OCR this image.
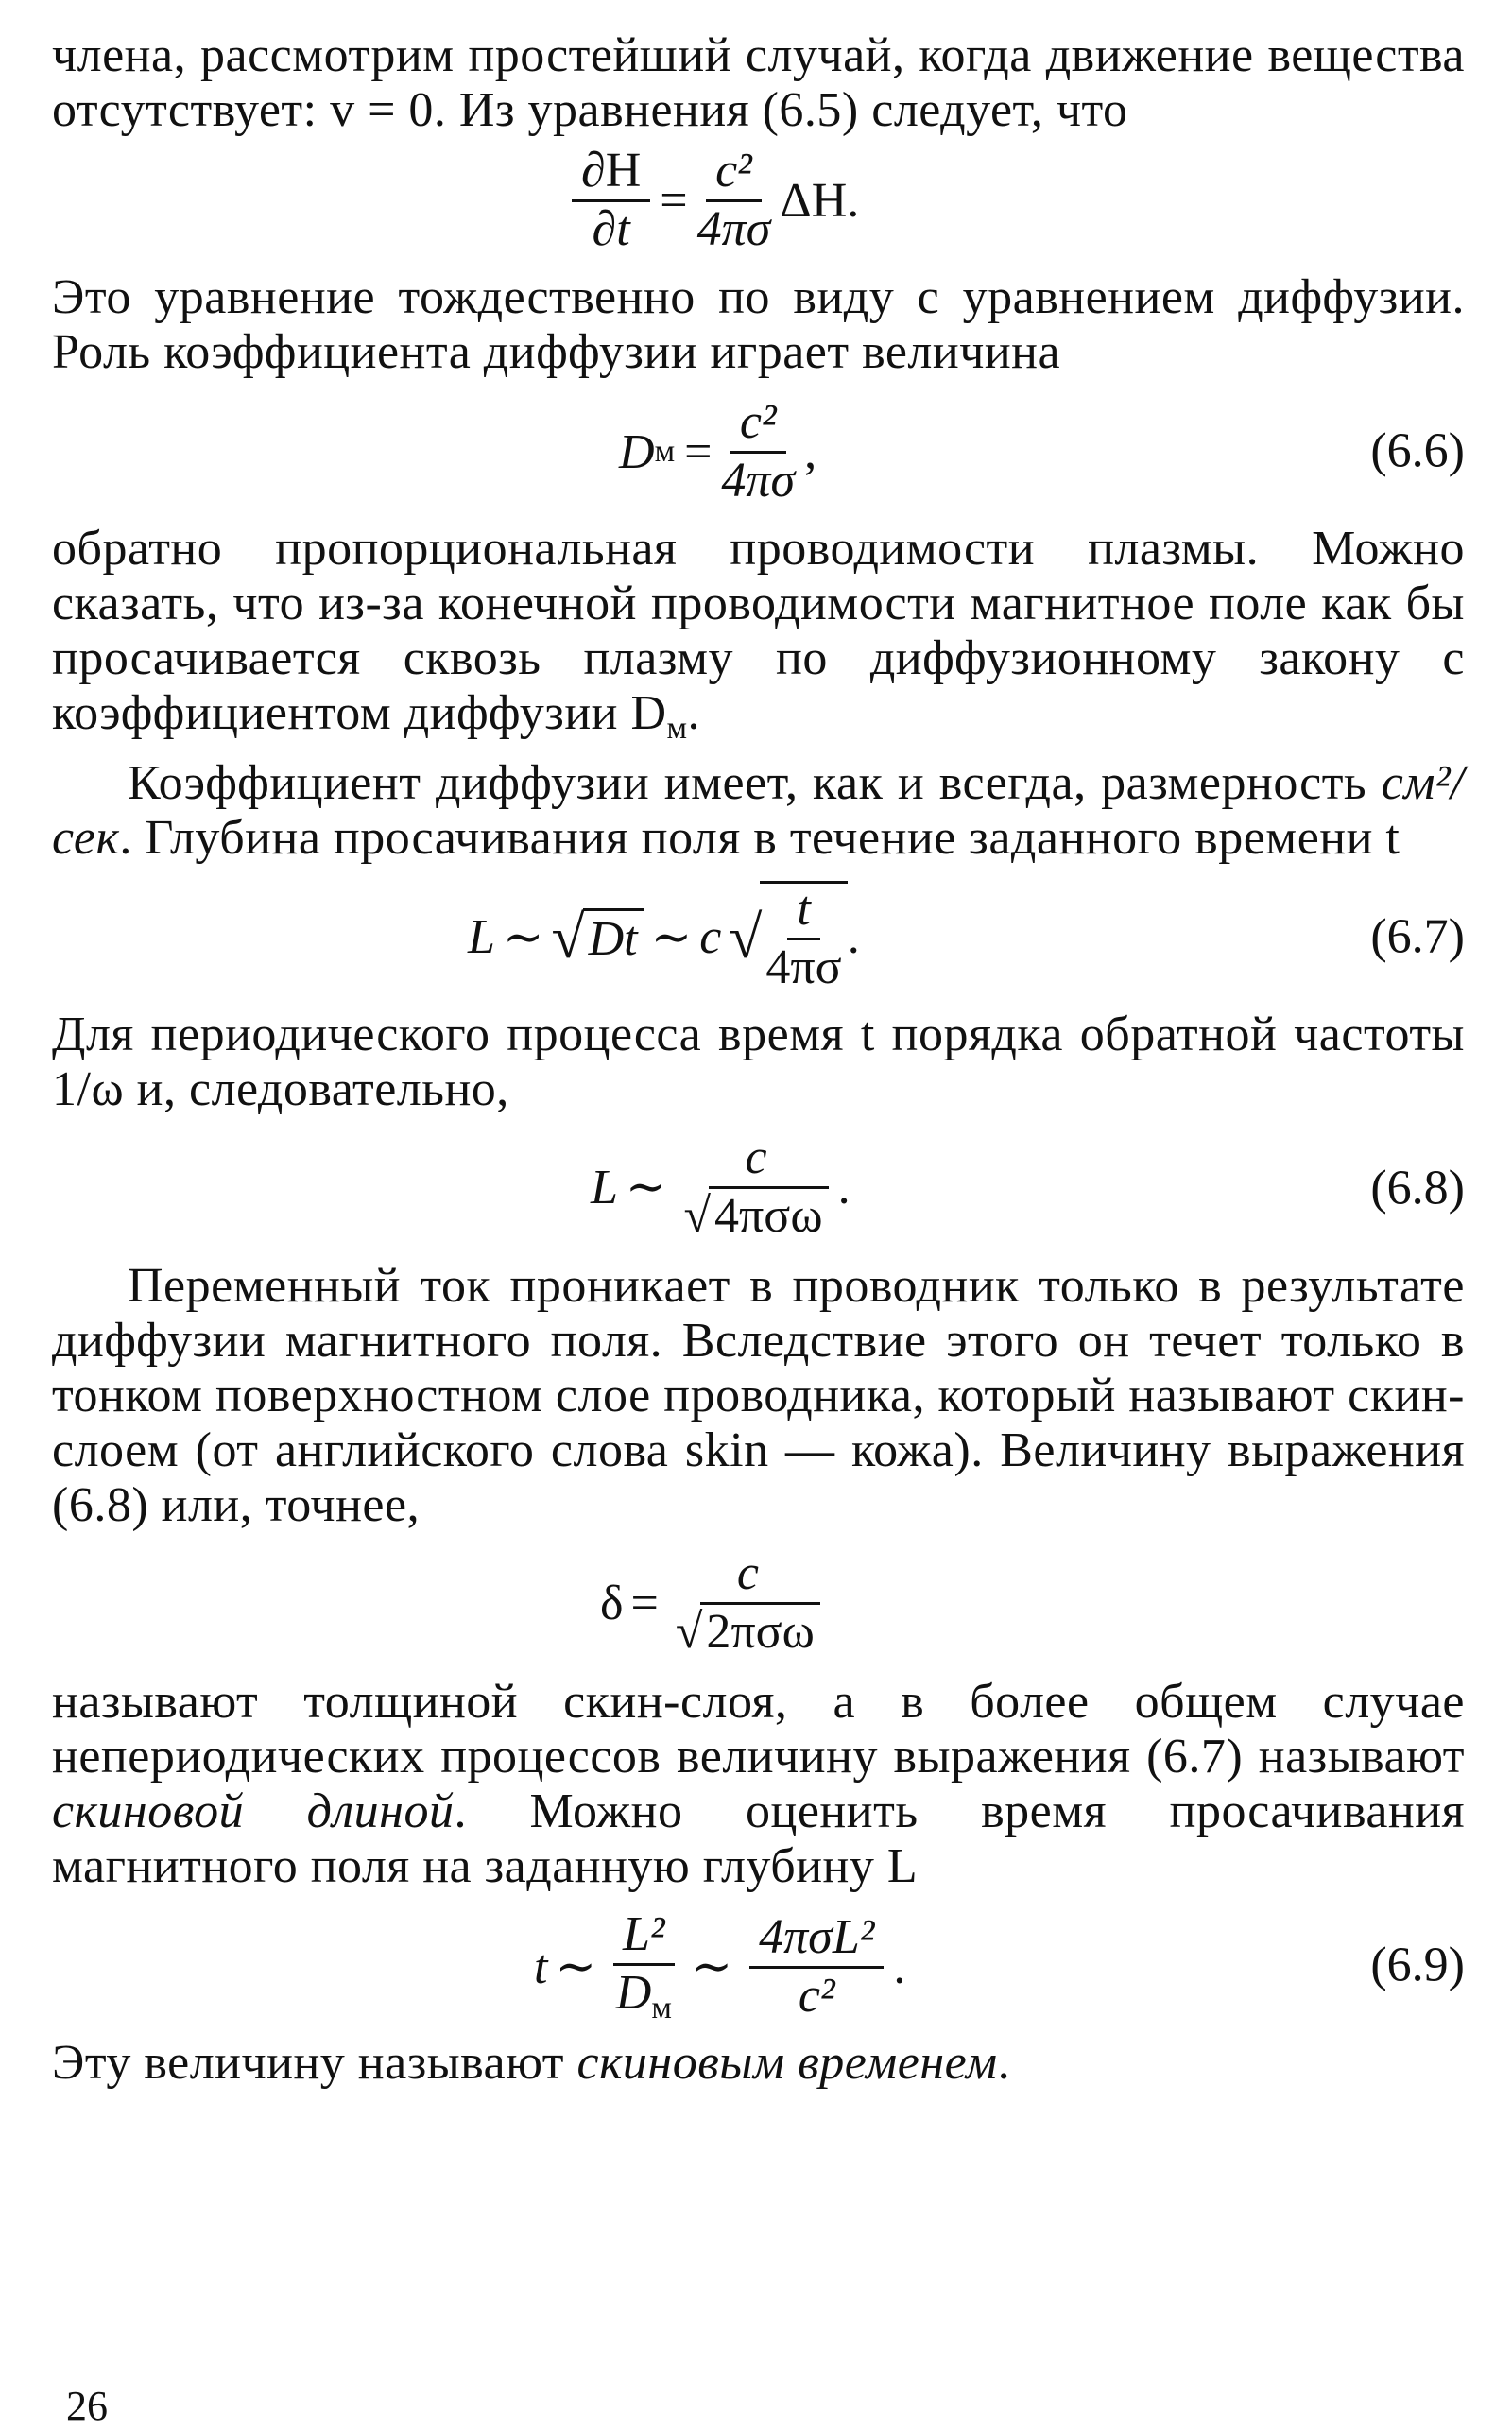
члена, рассмотрим простейший случай, когда движение вещества отсутствует: v = 0. Из уравнения (6.5) следует, что

$\frac{\partial H}{\partial t} = \frac{\text{c²}}{4\pi\sigma} \Delta H$.

Это уравнение тождественно по виду с уравнением диффузии. Роль коэффициента диффузии играет величина

D $м = \frac{\text{c²}}{4\pi\sigma}$ ,	(6.6)

обратно пропорциональная проводимости плазмы. Можно сказать, что из-за конечной проводимости магнитное поле как бы просачивается сквозь плазму по диффузионному закону с коэффициентом диффузии $D_м$.

Коэффициент диффузии имеет, как и всегда, размерность см²/сек. Глубина просачивания поля в течение заданного времени t

L ∼ √ Dt ∼ c √
$\frac{t}{4\pi\sigma}$ .	(6.7)

Для периодического процесса время t порядка обратной частоты 1/ω и, следовательно,

L ∼ $\frac{c}{\text{√4πσω}}$ .	(6.8)

Переменный ток проникает в проводник только в результате диффузии магнитного поля. Вследствие этого он течет только в тонком поверхностном слое проводника, который называют скин-слоем (от английского слова skin — кожа). Величину выражения (6.8) или, точнее,

$\delta = \frac{c}{\text{√2πσω}}$

называют толщиной скин-слоя, а в более общем случае непериодических процессов величину выражения (6.7) называют скиновой длиной. Можно оценить время просачивания магнитного поля на заданную глубину L

t ∼ $\frac{\text{L²}}{D_м}$ ∼ $\frac{\text{4πσL²}}{\text{c²}}$ .	(6.9)

Эту величину называют скиновым временем.

26
